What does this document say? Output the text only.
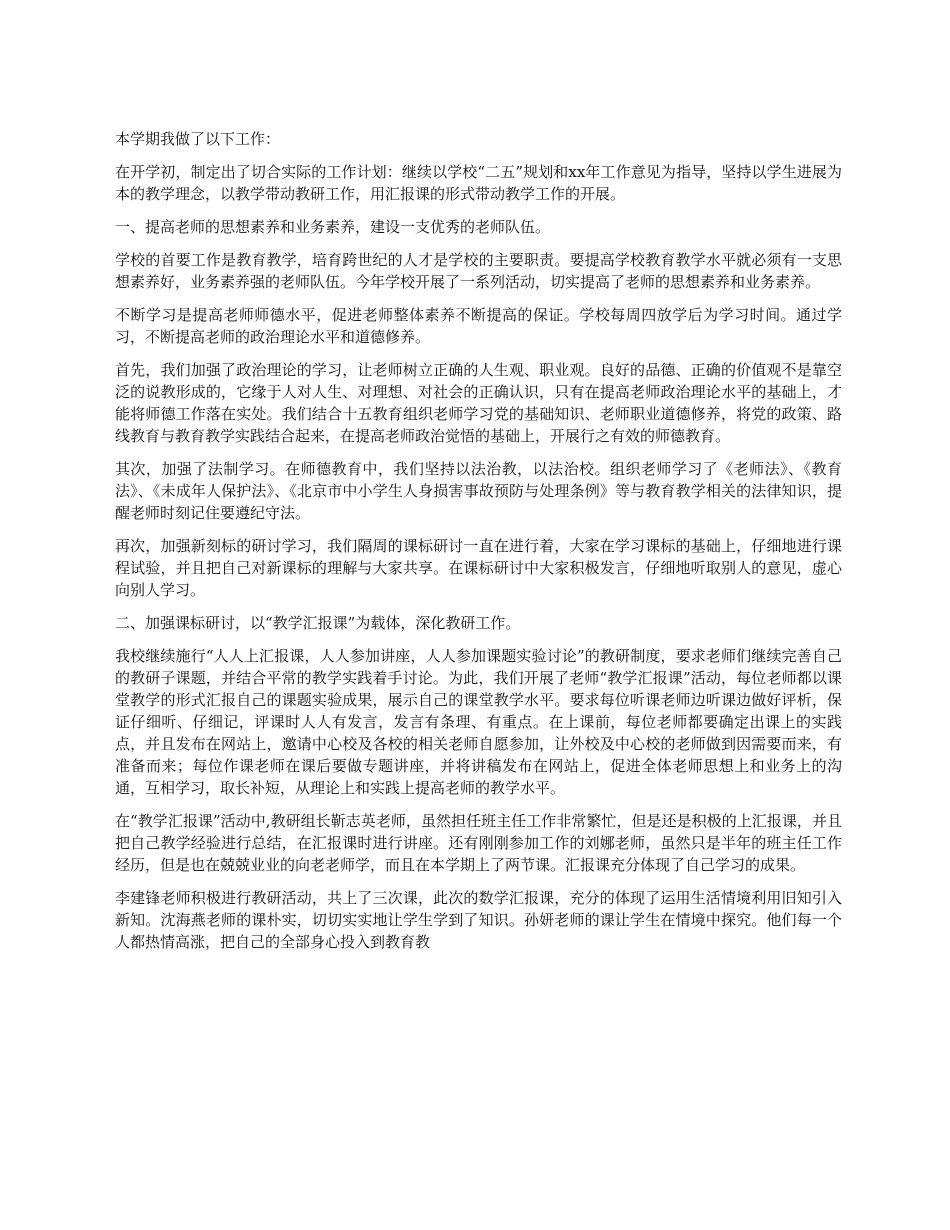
本学期我做了以下工作：

在开学初，制定出了切合实际的工作计划：继续以学校“二五”规划和xx年工作意见为指导，坚持以学生进展为本的教学理念，以教学带动教研工作，用汇报课的形式带动教学工作的开展。

一、提高老师的思想素养和业务素养，建设一支优秀的老师队伍。

学校的首要工作是教育教学，培育跨世纪的人才是学校的主要职责。要提高学校教育教学水平就必须有一支思想素养好，业务素养强的老师队伍。今年学校开展了一系列活动，切实提高了老师的思想素养和业务素养。

不断学习是提高老师师德水平，促进老师整体素养不断提高的保证。学校每周四放学后为学习时间。通过学习，不断提高老师的政治理论水平和道德修养。

首先，我们加强了政治理论的学习，让老师树立正确的人生观、职业观。良好的品德、正确的价值观不是靠空泛的说教形成的，它缘于人对人生、对理想、对社会的正确认识，只有在提高老师政治理论水平的基础上，才能将师德工作落在实处。我们结合十五教育组织老师学习党的基础知识、老师职业道德修养，将党的政策、路线教育与教育教学实践结合起来，在提高老师政治觉悟的基础上，开展行之有效的师德教育。

其次，加强了法制学习。在师德教育中，我们坚持以法治教，以法治校。组织老师学习了《老师法》、《教育法》、《未成年人保护法》、《北京市中小学生人身损害事故预防与处理条例》等与教育教学相关的法律知识，提醒老师时刻记住要遵纪守法。

再次，加强新刻标的研讨学习，我们隔周的课标研讨一直在进行着，大家在学习课标的基础上，仔细地进行课程试验，并且把自己对新课标的理解与大家共享。在课标研讨中大家积极发言，仔细地听取别人的意见，虚心向别人学习。

二、加强课标研讨，以“教学汇报课”为载体，深化教研工作。

我校继续施行“人人上汇报课，人人参加讲座，人人参加课题实验讨论”的教研制度，要求老师们继续完善自己的教研子课题，并结合平常的教学实践着手讨论。为此，我们开展了老师“教学汇报课”活动，每位老师都以课堂教学的形式汇报自己的课题实验成果，展示自己的课堂教学水平。要求每位听课老师边听课边做好评析，保证仔细听、仔细记，评课时人人有发言，发言有条理、有重点。在上课前，每位老师都要确定出课上的实践点，并且发布在网站上，邀请中心校及各校的相关老师自愿参加，让外校及中心校的老师做到因需要而来，有准备而来；每位作课老师在课后要做专题讲座，并将讲稿发布在网站上，促进全体老师思想上和业务上的沟通，互相学习，取长补短，从理论上和实践上提高老师的教学水平。

在“教学汇报课”活动中,教研组长靳志英老师，虽然担任班主任工作非常繁忙，但是还是积极的上汇报课，并且把自己教学经验进行总结，在汇报课时进行讲座。还有刚刚参加工作的刘娜老师，虽然只是半年的班主任工作经历，但是也在兢兢业业的向老老师学，而且在本学期上了两节课。汇报课充分体现了自己学习的成果。

李建锋老师积极进行教研活动，共上了三次课，此次的数学汇报课，充分的体现了运用生活情境利用旧知引入新知。沈海燕老师的课朴实，切切实实地让学生学到了知识。孙妍老师的课让学生在情境中探究。他们每一个人都热情高涨，把自己的全部身心投入到教育教
